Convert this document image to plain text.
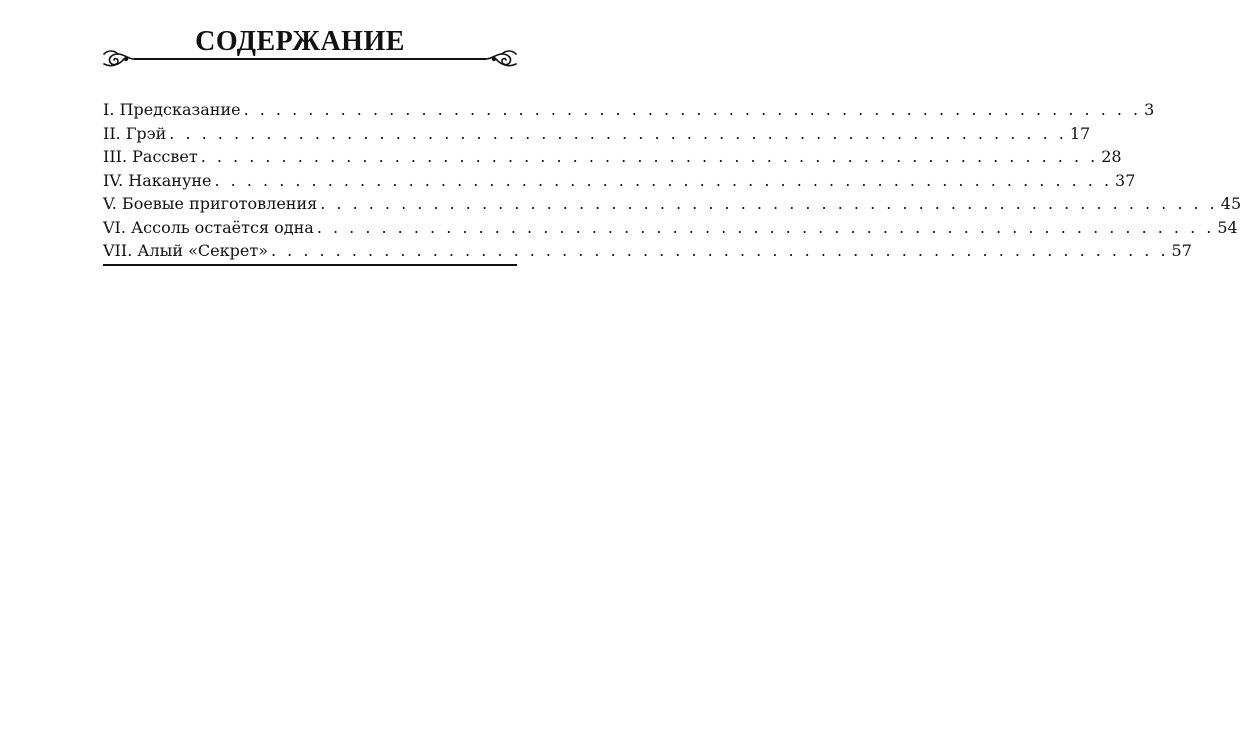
СОДЕРЖАНИЕ
I. Предсказание . . . . . . . . . . . . . . . . . . . . . . . . . . . . . . . . . . . . . . . . . . . . . . . . . . . . . . . . 3
II. Грэй . . . . . . . . . . . . . . . . . . . . . . . . . . . . . . . . . . . . . . . . . . . . . . . . . . . . . . . . 17
III. Рассвет . . . . . . . . . . . . . . . . . . . . . . . . . . . . . . . . . . . . . . . . . . . . . . . . . . . . . . . . 28
IV. Накануне . . . . . . . . . . . . . . . . . . . . . . . . . . . . . . . . . . . . . . . . . . . . . . . . . . . . . . . . 37
V. Боевые приготовления . . . . . . . . . . . . . . . . . . . . . . . . . . . . . . . . . . . . . . . . . . . . . . . . . . . . . . . . 45
VI. Ассоль остаётся одна . . . . . . . . . . . . . . . . . . . . . . . . . . . . . . . . . . . . . . . . . . . . . . . . . . . . . . . . 54
VII. Алый «Секрет» . . . . . . . . . . . . . . . . . . . . . . . . . . . . . . . . . . . . . . . . . . . . . . . . . . . . . . . . 57
